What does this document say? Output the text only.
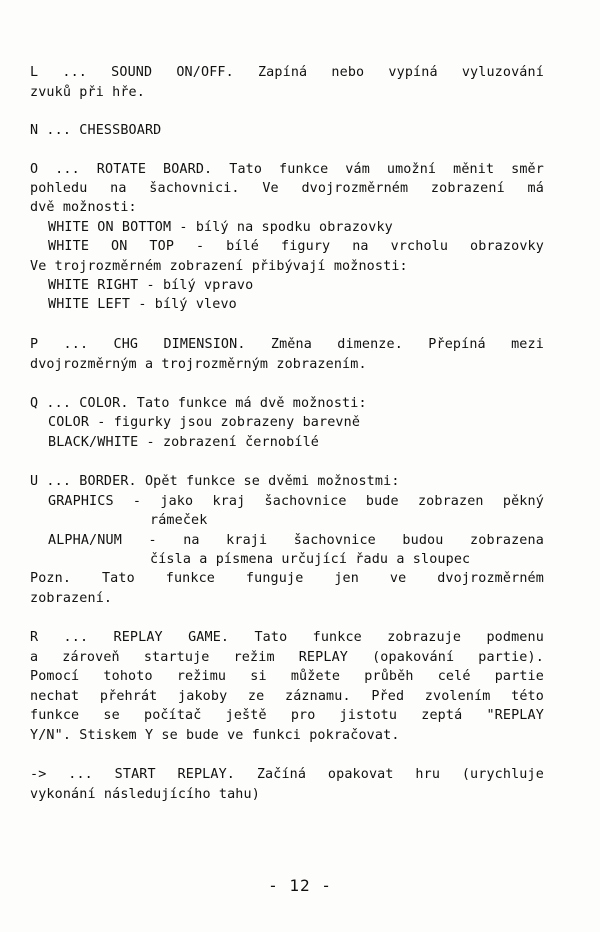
L ... SOUND ON/OFF. Zapíná nebo vypíná vyluzování
zvuků při hře.
N ... CHESSBOARD
O ... ROTATE BOARD. Tato funkce vám umožní měnit směr
pohledu na šachovnici. Ve dvojrozměrném zobrazení má
dvě možnosti:
WHITE ON BOTTOM - bílý na spodku obrazovky
WHITE ON TOP - bílé figury na vrcholu obrazovky
Ve trojrozměrném zobrazení přibývají možnosti:
WHITE RIGHT - bílý vpravo
WHITE LEFT - bílý vlevo
P ... CHG DIMENSION. Změna dimenze. Přepíná mezi
dvojrozměrným a trojrozměrným zobrazením.
Q ... COLOR. Tato funkce má dvě možnosti:
COLOR - figurky jsou zobrazeny barevně
BLACK/WHITE - zobrazení černobílé
U ... BORDER. Opět funkce se dvěmi možnostmi:
GRAPHICS - jako kraj šachovnice bude zobrazen pěkný
rámeček
ALPHA/NUM - na kraji šachovnice budou zobrazena
čísla a písmena určující řadu a sloupec
Pozn. Tato funkce funguje jen ve dvojrozměrném
zobrazení.
R ... REPLAY GAME. Tato funkce zobrazuje podmenu
a zároveň startuje režim REPLAY (opakování partie).
Pomocí tohoto režimu si můžete průběh celé partie
nechat přehrát jakoby ze záznamu. Před zvolením této
funkce se počítač ještě pro jistotu zeptá "REPLAY
Y/N". Stiskem Y se bude ve funkci pokračovat.
-> ... START REPLAY. Začíná opakovat hru (urychluje
vykonání následujícího tahu)
- 12 -
